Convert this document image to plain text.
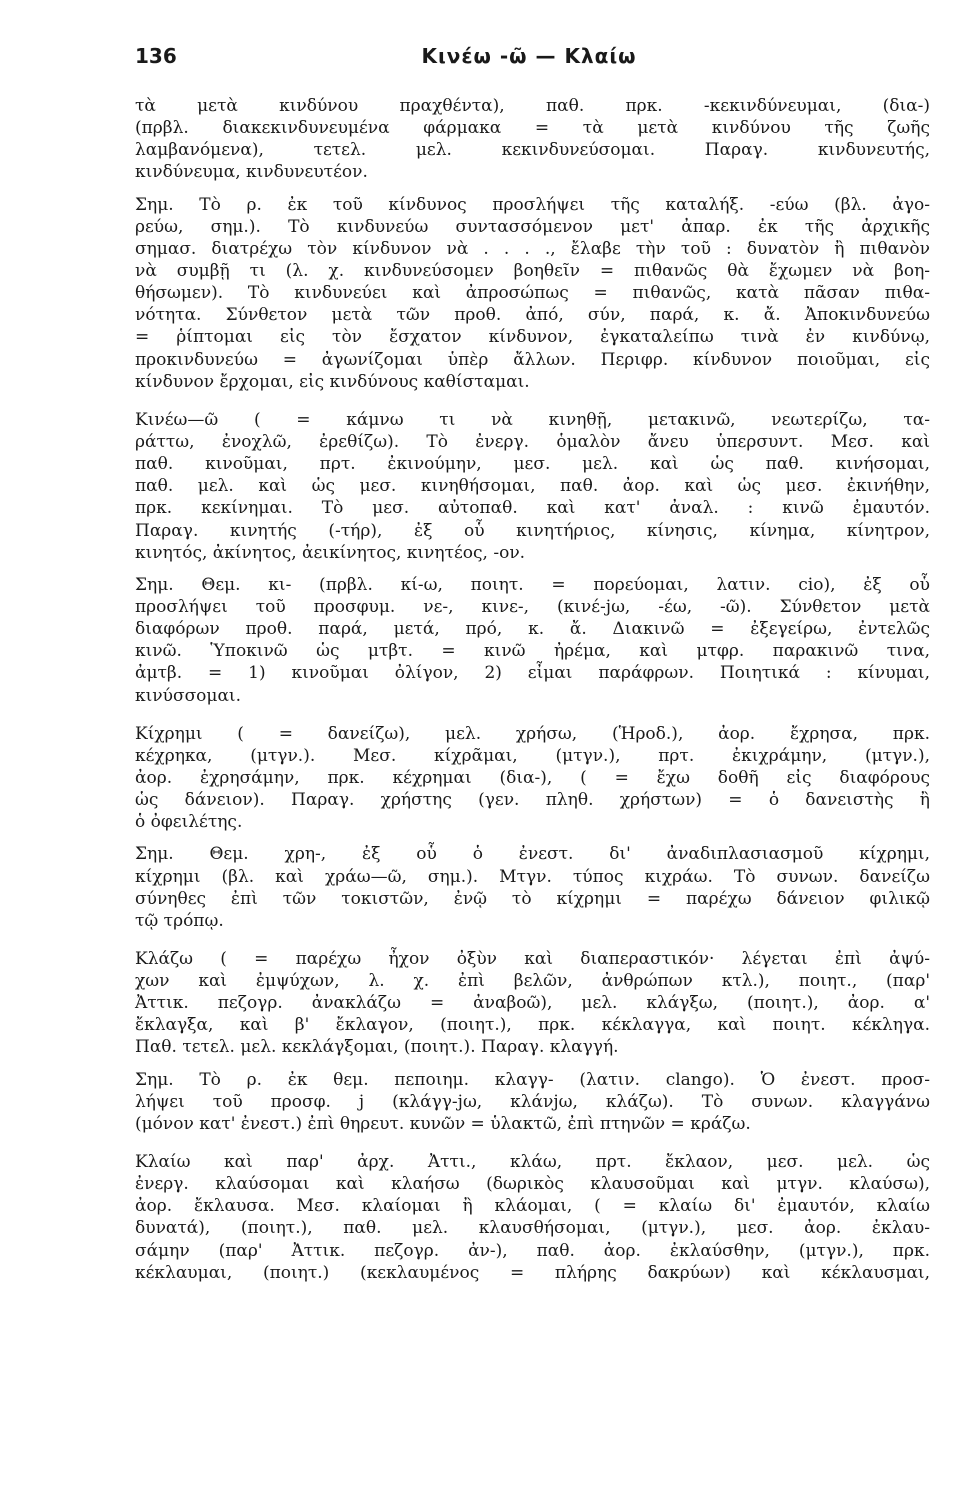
136	Κινέω -ῶ — Κλαίω
τὰ μετὰ κινδύνου πραχθέντα), παθ. πρκ. -κεκινδύνευμαι, (δια-)
(πρβλ. διακεκινδυνευμένα φάρμακα = τὰ μετὰ κινδύνου τῆς ζωῆς
λαμβανόμενα), τετελ. μελ. κεκινδυνεύσομαι. Παραγ. κινδυνευτής,
κινδύνευμα, κινδυνευτέον.
Σημ. Τὸ ρ. ἐκ τοῦ κίνδυνος προσλήψει τῆς καταλήξ. -εύω (βλ. ἀγο-
ρεύω, σημ.). Τὸ κινδυνεύω συντασσόμενον μετ' ἀπαρ. ἐκ τῆς ἀρχικῆς
σημασ. διατρέχω τὸν κίνδυνον νὰ . . . ., ἔλαβε τὴν τοῦ : δυνατὸν ἢ πιθανὸν
νὰ συμβῇ τι (λ. χ. κινδυνεύσομεν βοηθεῖν = πιθανῶς θὰ ἔχωμεν νὰ βοη-
θήσωμεν). Τὸ κινδυνεύει καὶ ἀπροσώπως = πιθανῶς, κατὰ πᾶσαν πιθα-
νότητα. Σύνθετον μετὰ τῶν προθ. ἀπό, σύν, παρά, κ. ἄ. Ἀποκινδυνεύω
= ῥίπτομαι εἰς τὸν ἔσχατον κίνδυνον, ἐγκαταλείπω τινὰ ἐν κινδύνῳ,
προκινδυνεύω = ἀγωνίζομαι ὑπὲρ ἄλλων. Περιφρ. κίνδυνον ποιοῦμαι, εἰς
κίνδυνον ἔρχομαι, εἰς κινδύνους καθίσταμαι.
Κινέω—ῶ ( = κάμνω τι νὰ κινηθῇ, μετακινῶ, νεωτερίζω, τα-
ράττω, ἐνοχλῶ, ἐρεθίζω). Τὸ ἐνεργ. ὁμαλὸν ἄνευ ὑπερσυντ. Μεσ. καὶ
παθ. κινοῦμαι, πρτ. ἐκινούμην, μεσ. μελ. καὶ ὡς παθ. κινήσομαι,
παθ. μελ. καὶ ὡς μεσ. κινηθήσομαι, παθ. ἀορ. καὶ ὡς μεσ. ἐκινήθην,
πρκ. κεκίνημαι. Τὸ μεσ. αὐτοπαθ. καὶ κατ' ἀναλ. : κινῶ ἐμαυτόν.
Παραγ. κινητής (-τήρ), ἐξ οὗ κινητήριος, κίνησις, κίνημα, κίνητρον,
κινητός, ἀκίνητος, ἀεικίνητος, κινητέος, -ον.
Σημ. Θεμ. κι- (πρβλ. κί-ω, ποιητ. = πορεύομαι, λατιν. cio), ἐξ οὗ
προσλήψει τοῦ προσφυμ. νε-, κινε-, (κινέ-jω, -έω, -ῶ). Σύνθετον μετὰ
διαφόρων προθ. παρά, μετά, πρό, κ. ἄ. Διακινῶ = ἐξεγείρω, ἐντελῶς
κινῶ. Ὑποκινῶ ὡς μτβτ. = κινῶ ἠρέμα, καὶ μτφρ. παρακινῶ τινα,
ἀμτβ. = 1) κινοῦμαι ὀλίγον, 2) εἶμαι παράφρων. Ποιητικά : κίνυμαι,
κινύσσομαι.
Κίχρημι ( = δανείζω), μελ. χρήσω, (Ἡροδ.), ἀορ. ἔχρησα, πρκ.
κέχρηκα, (μτγν.). Μεσ. κίχρᾶμαι, (μτγν.), πρτ. ἐκιχράμην, (μτγν.),
ἀορ. ἐχρησάμην, πρκ. κέχρημαι (δια-), ( = ἔχω δοθῆ εἰς διαφόρους
ὡς δάνειον). Παραγ. χρήστης (γεν. πληθ. χρήστων) = ὁ δανειστὴς ἢ
ὁ ὀφειλέτης.
Σημ. Θεμ. χρη-, ἐξ οὗ ὁ ἐνεστ. δι' ἀναδιπλασιασμοῦ κίχρημι,
κίχρημι (βλ. καὶ χράω—ῶ, σημ.). Μτγν. τύπος κιχράω. Τὸ συνων. δανείζω
σύνηθες ἐπὶ τῶν τοκιστῶν, ἐνῷ τὸ κίχρημι = παρέχω δάνειον φιλικῷ
τῷ τρόπῳ.
Κλάζω ( = παρέχω ἦχον ὀξὺν καὶ διαπεραστικόν· λέγεται ἐπὶ ἀψύ-
χων καὶ ἐμψύχων, λ. χ. ἐπὶ βελῶν, ἀνθρώπων κτλ.), ποιητ., (παρ'
Ἀττικ. πεζογρ. ἀνακλάζω = ἀναβοῶ), μελ. κλάγξω, (ποιητ.), ἀορ. α'
ἔκλαγξα, καὶ β' ἔκλαγον, (ποιητ.), πρκ. κέκλαγγα, καὶ ποιητ. κέκληγα.
Παθ. τετελ. μελ. κεκλάγξομαι, (ποιητ.). Παραγ. κλαγγή.
Σημ. Τὸ ρ. ἐκ θεμ. πεποιημ. κλαγγ- (λατιν. clango). Ὁ ἐνεστ. προσ-
λήψει τοῦ προσφ. j (κλάγγ-jω, κλάνjω, κλάζω). Τὸ συνων. κλαγγάνω
(μόνον κατ' ἐνεστ.) ἐπὶ θηρευτ. κυνῶν = ὑλακτῶ, ἐπὶ πτηνῶν = κράζω.
Κλαίω καὶ παρ' ἀρχ. Ἀττι., κλάω, πρτ. ἔκλαον, μεσ. μελ. ὡς
ἐνεργ. κλαύσομαι καὶ κλαήσω (δωρικὸς κλαυσοῦμαι καὶ μτγν. κλαύσω),
ἀορ. ἔκλαυσα. Μεσ. κλαίομαι ἢ κλάομαι, ( = κλαίω δι' ἐμαυτόν, κλαίω
δυνατά), (ποιητ.), παθ. μελ. κλαυσθήσομαι, (μτγν.), μεσ. ἀορ. ἐκλαυ-
σάμην (παρ' Ἀττικ. πεζογρ. ἀν-), παθ. ἀορ. ἐκλαύσθην, (μτγν.), πρκ.
κέκλαυμαι, (ποιητ.) (κεκλαυμένος = πλήρης δακρύων) καὶ κέκλαυσμαι,
